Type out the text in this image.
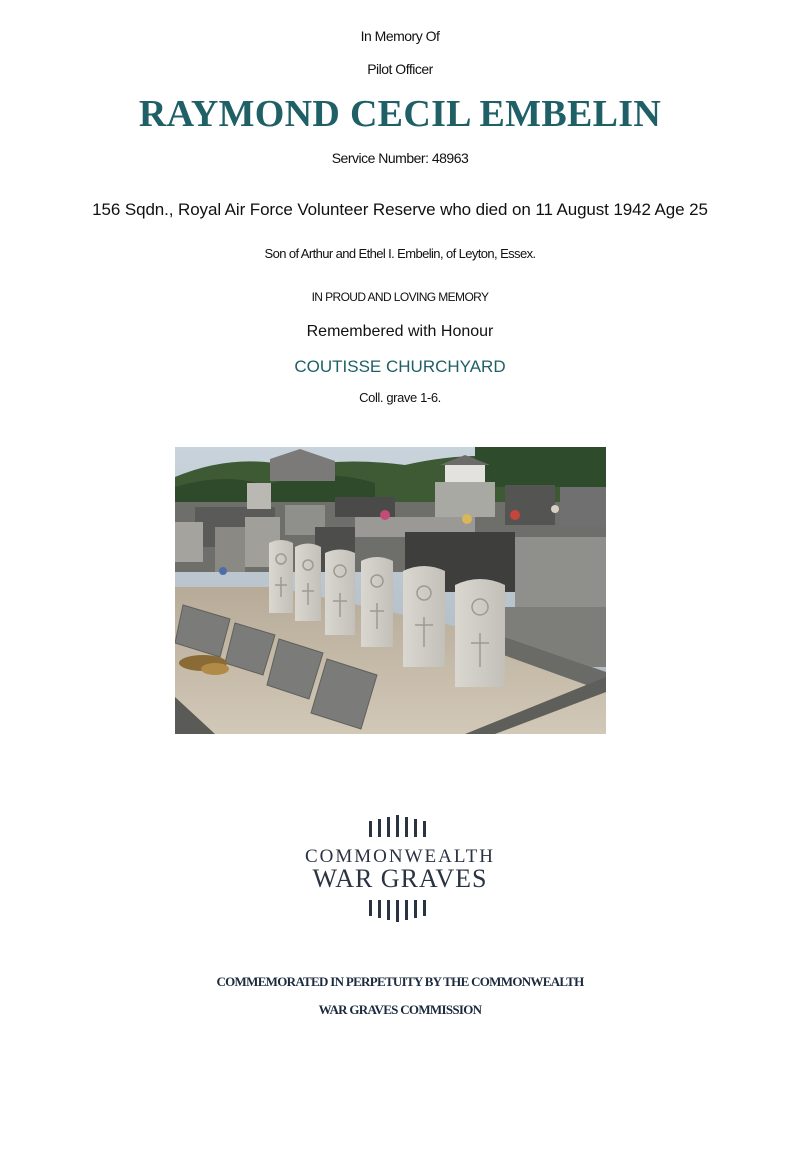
In Memory Of
Pilot Officer
RAYMOND CECIL EMBELIN
Service Number: 48963
156 Sqdn., Royal Air Force Volunteer Reserve who died on 11 August 1942 Age 25
Son of Arthur and Ethel I. Embelin, of Leyton, Essex.
IN PROUD AND LOVING MEMORY
Remembered with Honour
COUTISSE CHURCHYARD
Coll. grave 1-6.
COMMONWEALTH
WAR GRAVES
COMMEMORATED IN PERPETUITY BY THE COMMONWEALTH
WAR GRAVES COMMISSION
